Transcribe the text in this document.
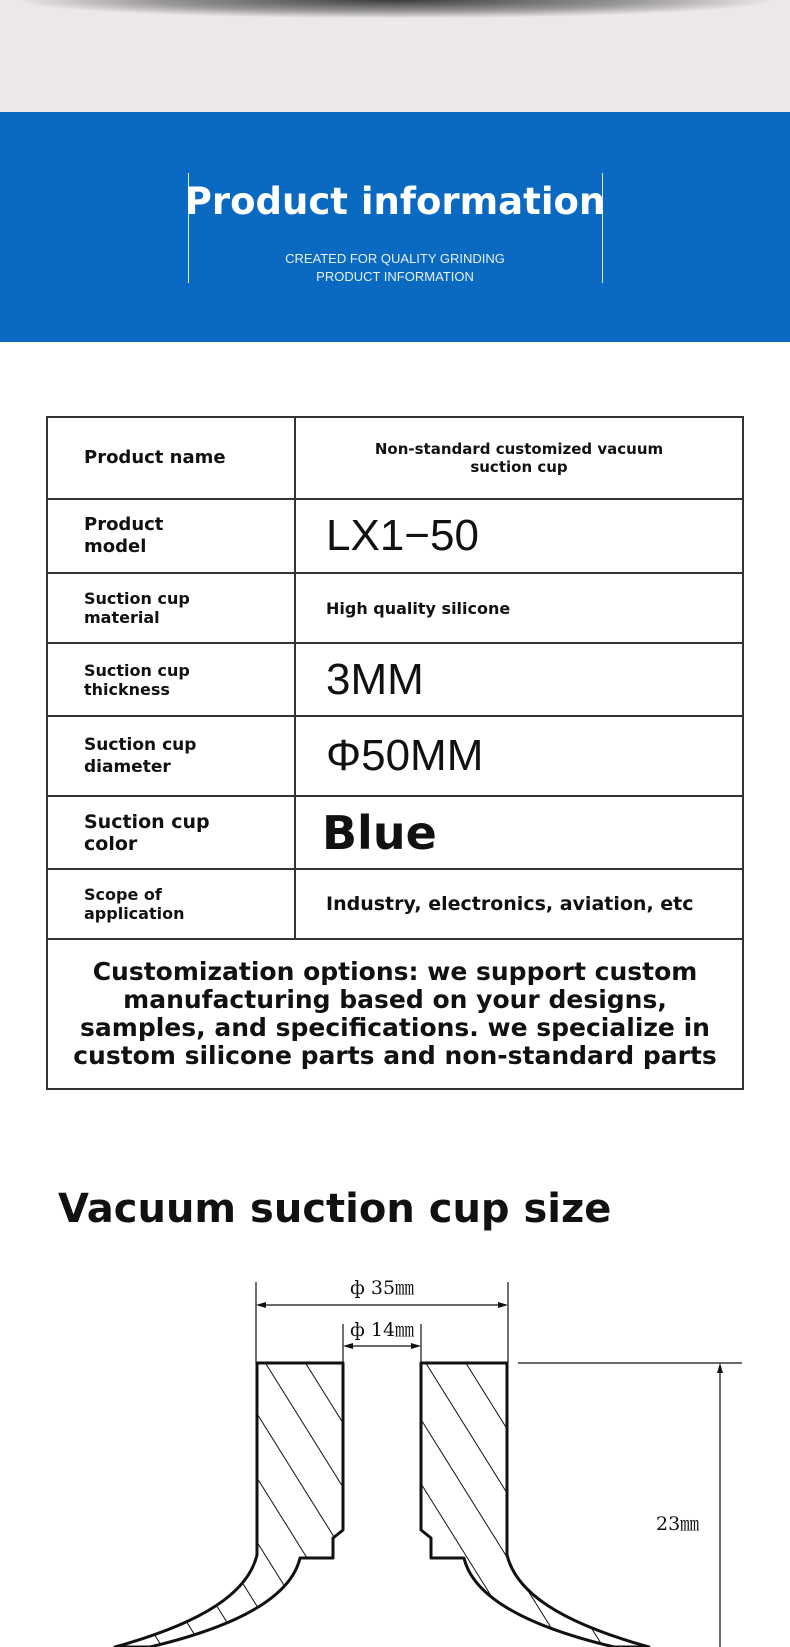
Product information
CREATED FOR QUALITY GRINDING
PRODUCT INFORMATION
Product name	Non-standard customized vacuum suction cup

Product model	LX1−50

Suction cup material	High quality silicone

Suction cup thickness	3MM

Suction cup diameter	Φ50MM

Suction cup color	Blue

Scope of application	Industry, electronics, aviation, etc
Customization options: we support custom manufacturing based on your designs, samples, and specifications. we specialize in custom silicone parts and non-standard parts	
Vacuum suction cup size
ф 35㎜
ф 14㎜
23㎜
